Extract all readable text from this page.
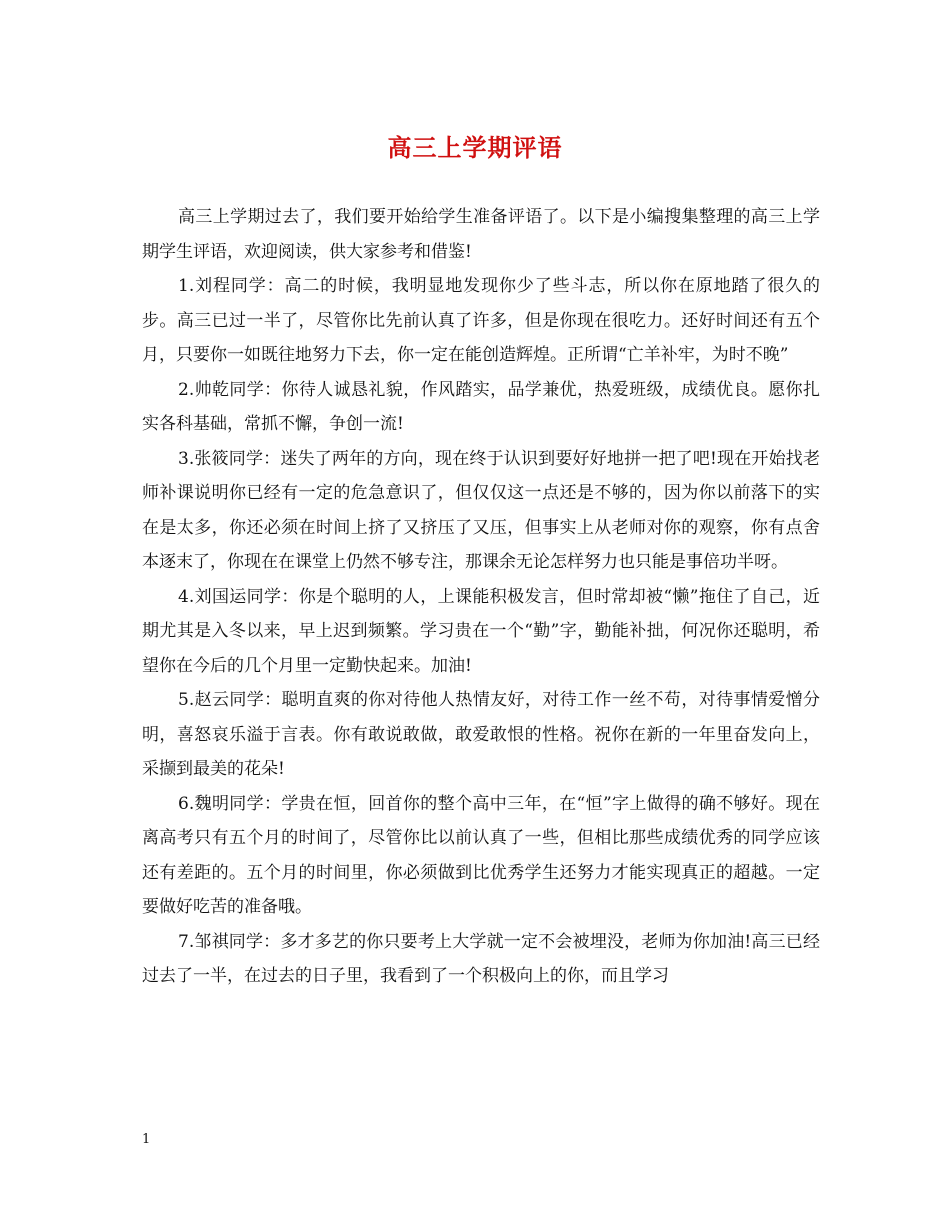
高三上学期评语

高三上学期过去了，我们要开始给学生准备评语了。以下是小编搜集整理的高三上学期学生评语，欢迎阅读，供大家参考和借鉴!

1.刘程同学：高二的时候，我明显地发现你少了些斗志，所以你在原地踏了很久的步。高三已过一半了，尽管你比先前认真了许多，但是你现在很吃力。还好时间还有五个月，只要你一如既往地努力下去，你一定在能创造辉煌。正所谓“亡羊补牢，为时不晚”

2.帅乾同学：你待人诚恳礼貌，作风踏实，品学兼优，热爱班级，成绩优良。愿你扎实各科基础，常抓不懈，争创一流!

3.张筱同学：迷失了两年的方向，现在终于认识到要好好地拼一把了吧!现在开始找老师补课说明你已经有一定的危急意识了，但仅仅这一点还是不够的，因为你以前落下的实在是太多，你还必须在时间上挤了又挤压了又压，但事实上从老师对你的观察，你有点舍本逐末了，你现在在课堂上仍然不够专注，那课余无论怎样努力也只能是事倍功半呀。

4.刘国运同学：你是个聪明的人，上课能积极发言，但时常却被“懒”拖住了自己，近期尤其是入冬以来，早上迟到频繁。学习贵在一个“勤”字，勤能补拙，何况你还聪明，希望你在今后的几个月里一定勤快起来。加油!

5.赵云同学：聪明直爽的你对待他人热情友好，对待工作一丝不苟，对待事情爱憎分明，喜怒哀乐溢于言表。你有敢说敢做，敢爱敢恨的性格。祝你在新的一年里奋发向上，采撷到最美的花朵!

6.魏明同学：学贵在恒，回首你的整个高中三年，在“恒”字上做得的确不够好。现在离高考只有五个月的时间了，尽管你比以前认真了一些，但相比那些成绩优秀的同学应该还有差距的。五个月的时间里，你必须做到比优秀学生还努力才能实现真正的超越。一定要做好吃苦的准备哦。

7.邹祺同学：多才多艺的你只要考上大学就一定不会被埋没，老师为你加油!高三已经过去了一半，在过去的日子里，我看到了一个积极向上的你，而且学习

1
